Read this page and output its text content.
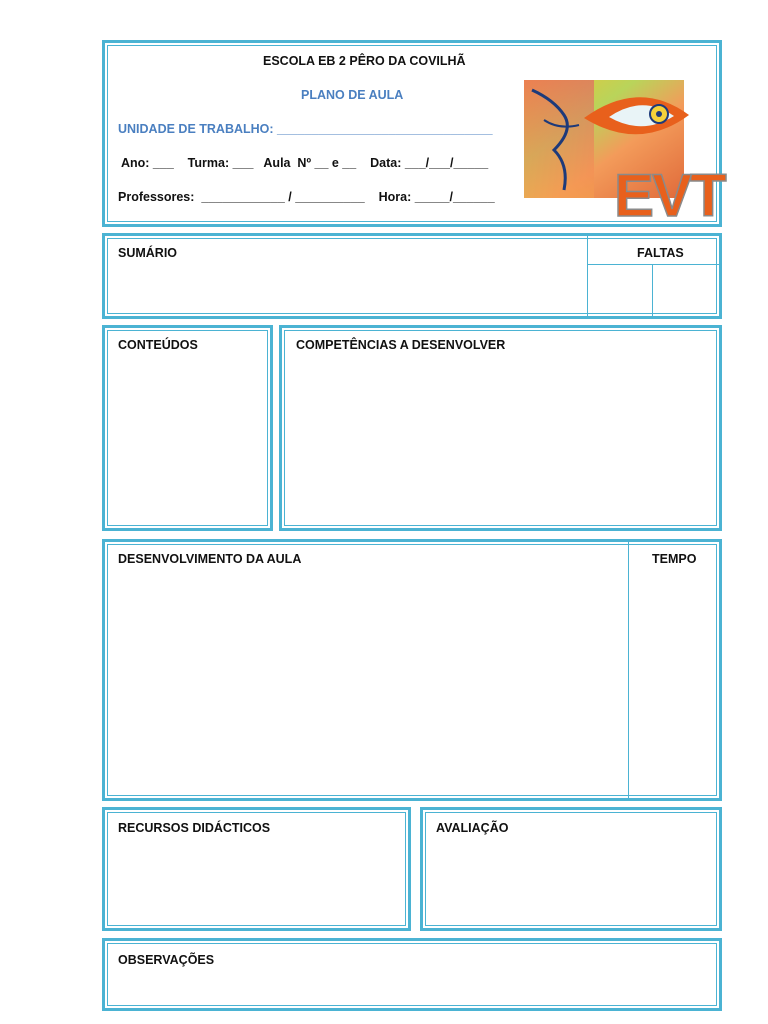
ESCOLA EB 2 PÊRO DA COVILHÃ
PLANO DE AULA
UNIDADE DE TRABALHO: _______________________________
Ano: ___    Turma: ___   Aula  Nº __ e __    Data: ___/___/_____
Professores:  ____________ / __________    Hora: _____/______ EVT
SUMÁRIO	FALTAS
CONTEÚDOS	COMPETÊNCIAS A DESENVOLVER
DESENVOLVIMENTO DA AULA	TEMPO
RECURSOS DIDÁCTICOS	AVALIAÇÃO
OBSERVAÇÕES
